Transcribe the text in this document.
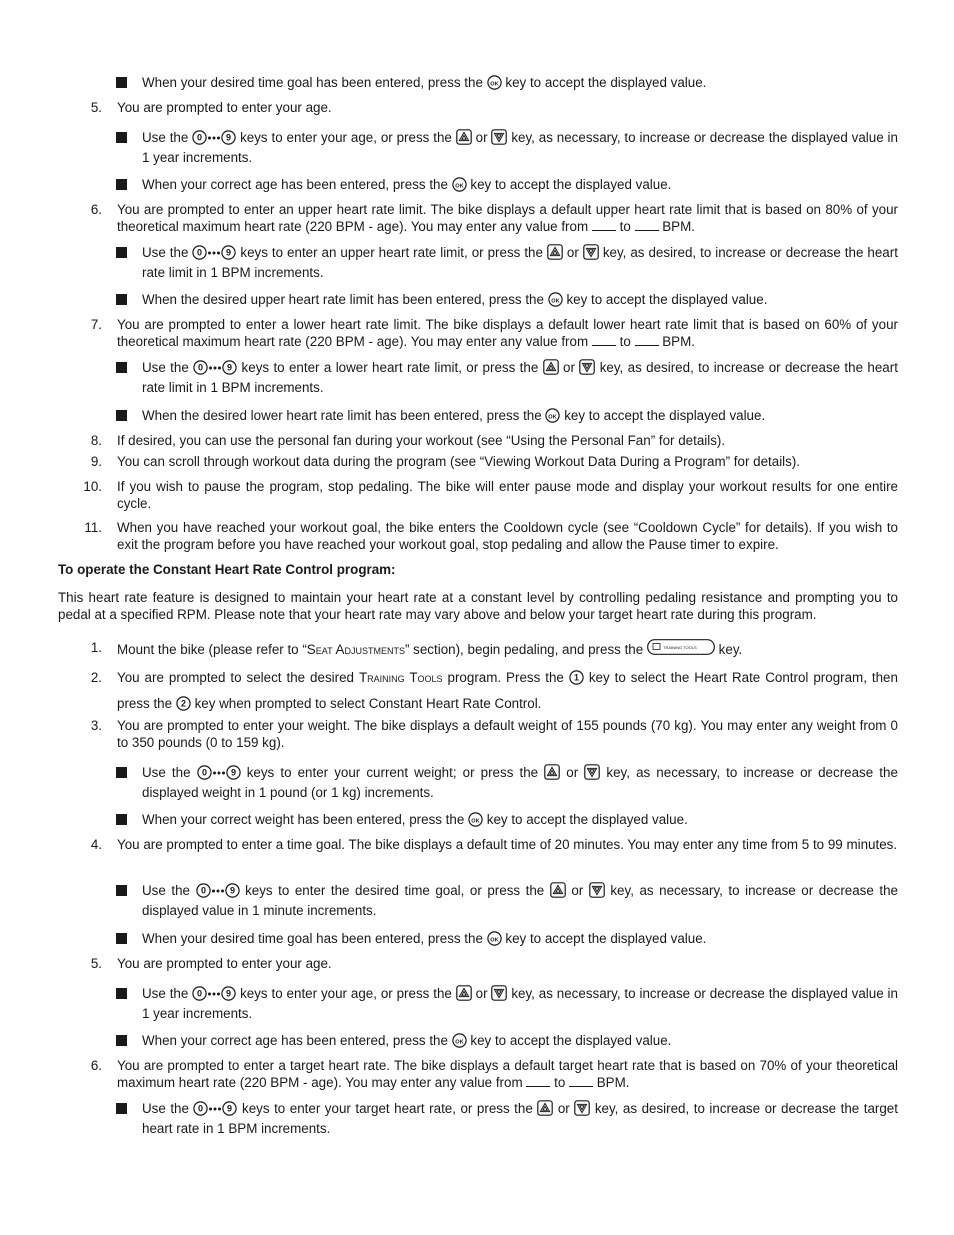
When your desired time goal has been entered, press the OK key to accept the displayed value.
5. You are prompted to enter your age.
Use the 0	9 keys to enter your age, or press the or key, as necessary, to increase or decrease the displayed value in 1 year increments.
When your correct age has been entered, press the OK key to accept the displayed value.
6. You are prompted to enter an upper heart rate limit. The bike displays a default upper heart rate limit that is based on 80% of your theoretical maximum heart rate (220 BPM - age). You may enter any value from to BPM.
Use the 0	9 keys to enter an upper heart rate limit, or press the or key, as desired, to increase or decrease the heart rate limit in 1 BPM increments.
When the desired upper heart rate limit has been entered, press the OK key to accept the displayed value.
7. You are prompted to enter a lower heart rate limit. The bike displays a default lower heart rate limit that is based on 60% of your theoretical maximum heart rate (220 BPM - age). You may enter any value from to BPM.
Use the 0	9 keys to enter a lower heart rate limit, or press the or key, as desired, to increase or decrease the heart rate limit in 1 BPM increments.
When the desired lower heart rate limit has been entered, press the OK key to accept the displayed value.
8. If desired, you can use the personal fan during your workout (see “Using the Personal Fan” for details).
9. You can scroll through workout data during the program (see “Viewing Workout Data During a Program” for details).
10. If you wish to pause the program, stop pedaling. The bike will enter pause mode and display your workout results for one entire cycle.
11. When you have reached your workout goal, the bike enters the Cooldown cycle (see “Cooldown Cycle” for details). If you wish to exit the program before you have reached your workout goal, stop pedaling and allow the Pause timer to expire.
To operate the Constant Heart Rate Control program:
This heart rate feature is designed to maintain your heart rate at a constant level by controlling pedaling resistance and prompting you to pedal at a specified RPM. Please note that your heart rate may vary above and below your target heart rate during this program.
1. Mount the bike (please refer to “Seat Adjustments” section), begin pedaling, and press the	TRAINING TOOLS key.
2. You are prompted to select the desired Training Tools program. Press the 1 key to select the Heart Rate Control program, then press the 2 key when prompted to select Constant Heart Rate Control.
3. You are prompted to enter your weight. The bike displays a default weight of 155 pounds (70 kg). You may enter any weight from 0 to 350 pounds (0 to 159 kg).
Use the 0	9 keys to enter your current weight; or press the or key, as necessary, to increase or decrease the displayed weight in 1 pound (or 1 kg) increments.
When your correct weight has been entered, press the OK key to accept the displayed value.
4. You are prompted to enter a time goal. The bike displays a default time of 20 minutes. You may enter any time from 5 to 99 minutes.
Use the 0	9 keys to enter the desired time goal, or press the or key, as necessary, to increase or decrease the displayed value in 1 minute increments.
When your desired time goal has been entered, press the OK key to accept the displayed value.
5. You are prompted to enter your age.
Use the 0	9 keys to enter your age, or press the or key, as necessary, to increase or decrease the displayed value in 1 year increments.
When your correct age has been entered, press the OK key to accept the displayed value.
6. You are prompted to enter a target heart rate. The bike displays a default target heart rate that is based on 70% of your theoretical maximum heart rate (220 BPM - age). You may enter any value from to BPM.
Use the 0	9 keys to enter your target heart rate, or press the or key, as desired, to increase or decrease the target heart rate in 1 BPM increments.
